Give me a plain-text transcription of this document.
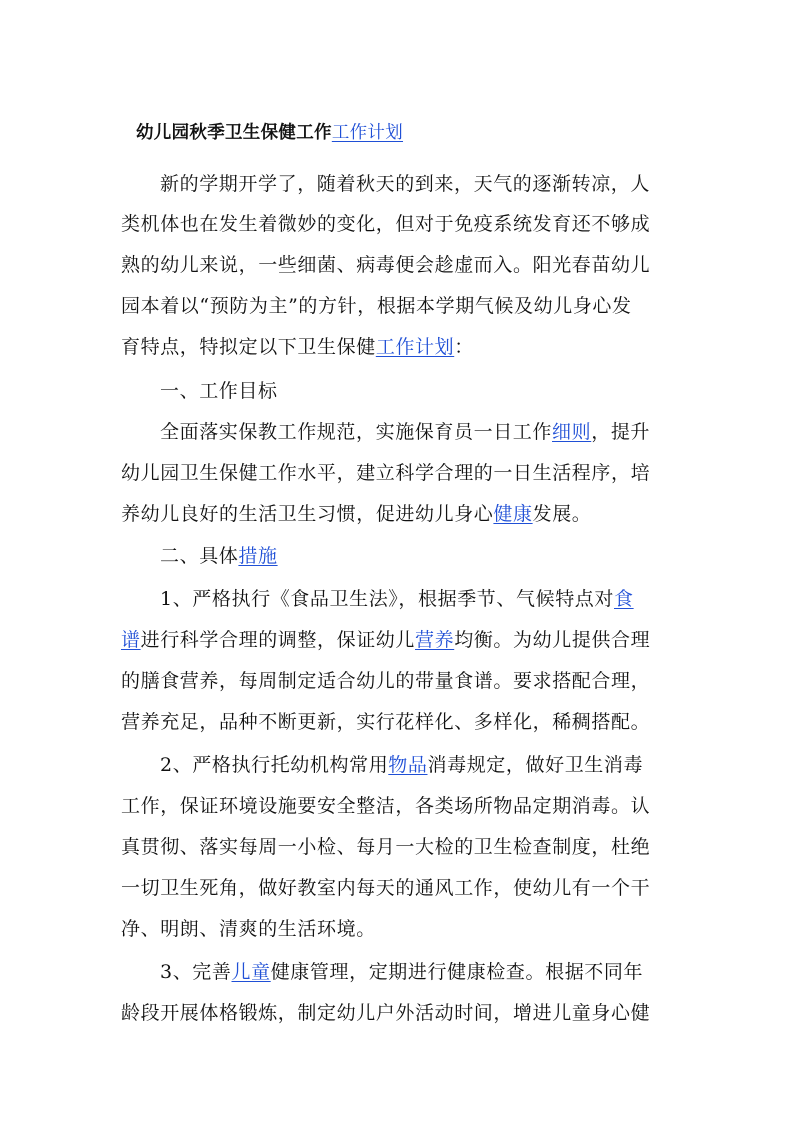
幼儿园秋季卫生保健工作工作计划
新的学期开学了，随着秋天的到来，天气的逐渐转凉，人
类机体也在发生着微妙的变化，但对于免疫系统发育还不够成
熟的幼儿来说，一些细菌、病毒便会趁虚而入。阳光春苗幼儿
园本着以“预防为主”的方针，根据本学期气候及幼儿身心发
育特点，特拟定以下卫生保健工作计划：
一、工作目标
全面落实保教工作规范，实施保育员一日工作细则，提升
幼儿园卫生保健工作水平，建立科学合理的一日生活程序，培
养幼儿良好的生活卫生习惯，促进幼儿身心健康发展。
二、具体措施
1、严格执行《食品卫生法》，根据季节、气候特点对食
谱进行科学合理的调整，保证幼儿营养均衡。为幼儿提供合理
的膳食营养，每周制定适合幼儿的带量食谱。要求搭配合理，
营养充足，品种不断更新，实行花样化、多样化，稀稠搭配。
2、严格执行托幼机构常用物品消毒规定，做好卫生消毒
工作，保证环境设施要安全整洁，各类场所物品定期消毒。认
真贯彻、落实每周一小检、每月一大检的卫生检查制度，杜绝
一切卫生死角，做好教室内每天的通风工作，使幼儿有一个干
净、明朗、清爽的生活环境。
3、完善儿童健康管理，定期进行健康检查。根据不同年
龄段开展体格锻炼，制定幼儿户外活动时间，增进儿童身心健
